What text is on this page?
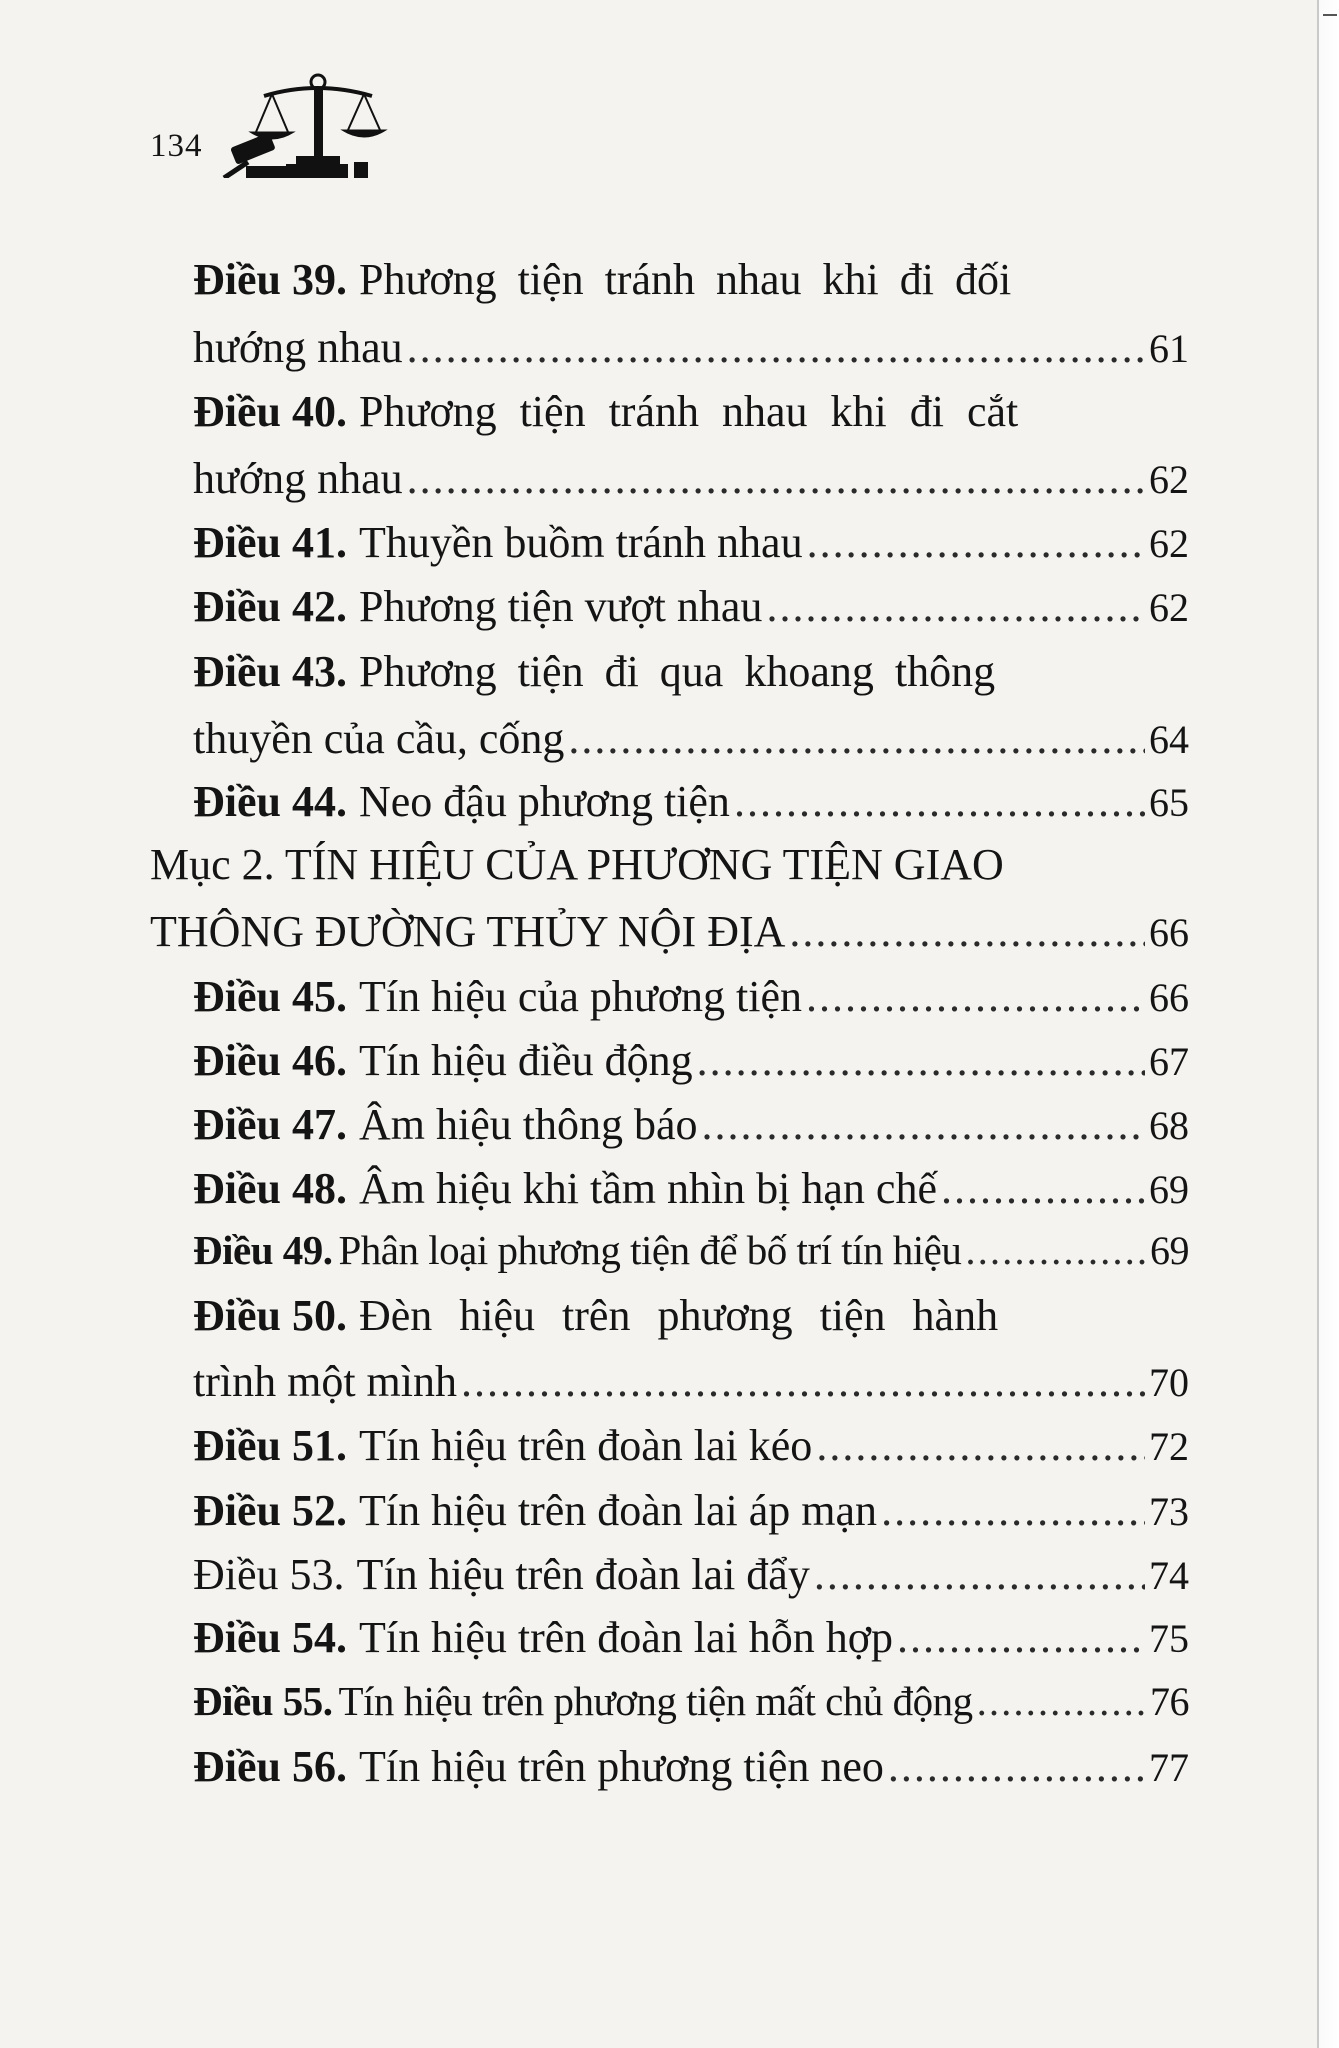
134
Điều 39. Phương tiện tránh nhau khi đi đối
hướng nhau .....	61
Điều 40. Phương tiện tránh nhau khi đi cắt
hướng nhau .....	62
Điều 41. Thuyền buồm tránh nhau .....	62
Điều 42. Phương tiện vượt nhau .....	62
Điều 43. Phương tiện đi qua khoang thông
thuyền của cầu, cống .....	64
Điều 44. Neo đậu phương tiện .....	65
Mục 2. TÍN HIỆU CỦA PHƯƠNG TIỆN GIAO
THÔNG ĐƯỜNG THỦY NỘI ĐỊA .....	66
Điều 45. Tín hiệu của phương tiện .....	66
Điều 46. Tín hiệu điều động .....	67
Điều 47. Âm hiệu thông báo .....	68
Điều 48. Âm hiệu khi tầm nhìn bị hạn chế .....	69
Điều 49. Phân loại phương tiện để bố trí tín hiệu .....	69
Điều 50. Đèn hiệu trên phương tiện hành
trình một mình .....	70
Điều 51. Tín hiệu trên đoàn lai kéo .....	72
Điều 52. Tín hiệu trên đoàn lai áp mạn .....	73
Điều 53. Tín hiệu trên đoàn lai đẩy .....	74
Điều 54. Tín hiệu trên đoàn lai hỗn hợp .....	75
Điều 55. Tín hiệu trên phương tiện mất chủ động .....	76
Điều 56. Tín hiệu trên phương tiện neo .....	77
